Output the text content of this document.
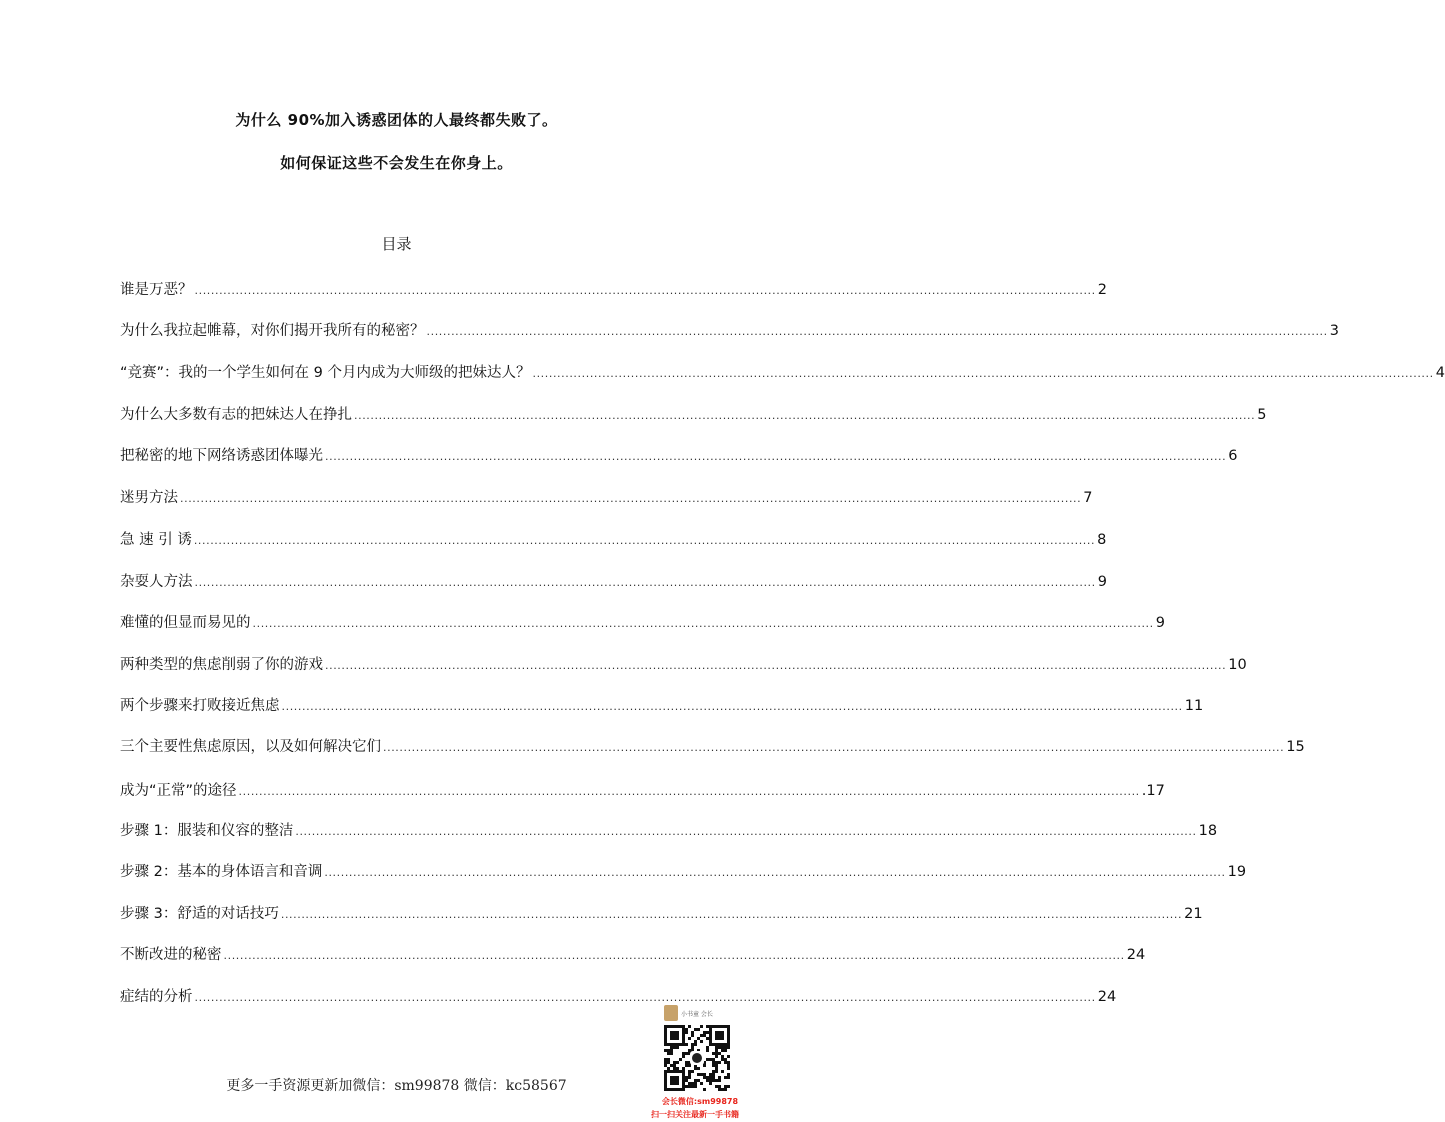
为什么 90%加入诱惑团体的人最终都失败了。
如何保证这些不会发生在你身上。
目录
谁是万恶？ ............................................................................................................................................................................................................................ 2
为什么我拉起帷幕，对你们揭开我所有的秘密？ ............................................................................................................................................................................................................................ 3
“竞赛”：我的一个学生如何在 9 个月内成为大师级的把妹达人？ ............................................................................................................................................................................................................................ 4
为什么大多数有志的把妹达人在挣扎 ............................................................................................................................................................................................................................ 5
把秘密的地下网络诱惑团体曝光 ............................................................................................................................................................................................................................ 6
迷男方法 ............................................................................................................................................................................................................................ 7
急 速 引 诱 ............................................................................................................................................................................................................................ 8
杂耍人方法 ............................................................................................................................................................................................................................ 9
难懂的但显而易见的 ............................................................................................................................................................................................................................ 9
两种类型的焦虑削弱了你的游戏 ............................................................................................................................................................................................................................ 10
两个步骤来打败接近焦虑 ............................................................................................................................................................................................................................ 11
三个主要性焦虑原因，以及如何解决它们 ............................................................................................................................................................................................................................ 15
成为“正常”的途径 ............................................................................................................................................................................................................................ .17
步骤 1：服装和仪容的整洁 ............................................................................................................................................................................................................................ 18
步骤 2：基本的身体语言和音调 ............................................................................................................................................................................................................................ 19
步骤 3：舒适的对话技巧 ............................................................................................................................................................................................................................ 21
不断改进的秘密 ............................................................................................................................................................................................................................ 24
症结的分析 ............................................................................................................................................................................................................................ 24
更多一手资源更新加微信：sm99878 微信：kc58567
小书童 会长
会长微信:sm99878
扫一扫关注最新一手书籍
